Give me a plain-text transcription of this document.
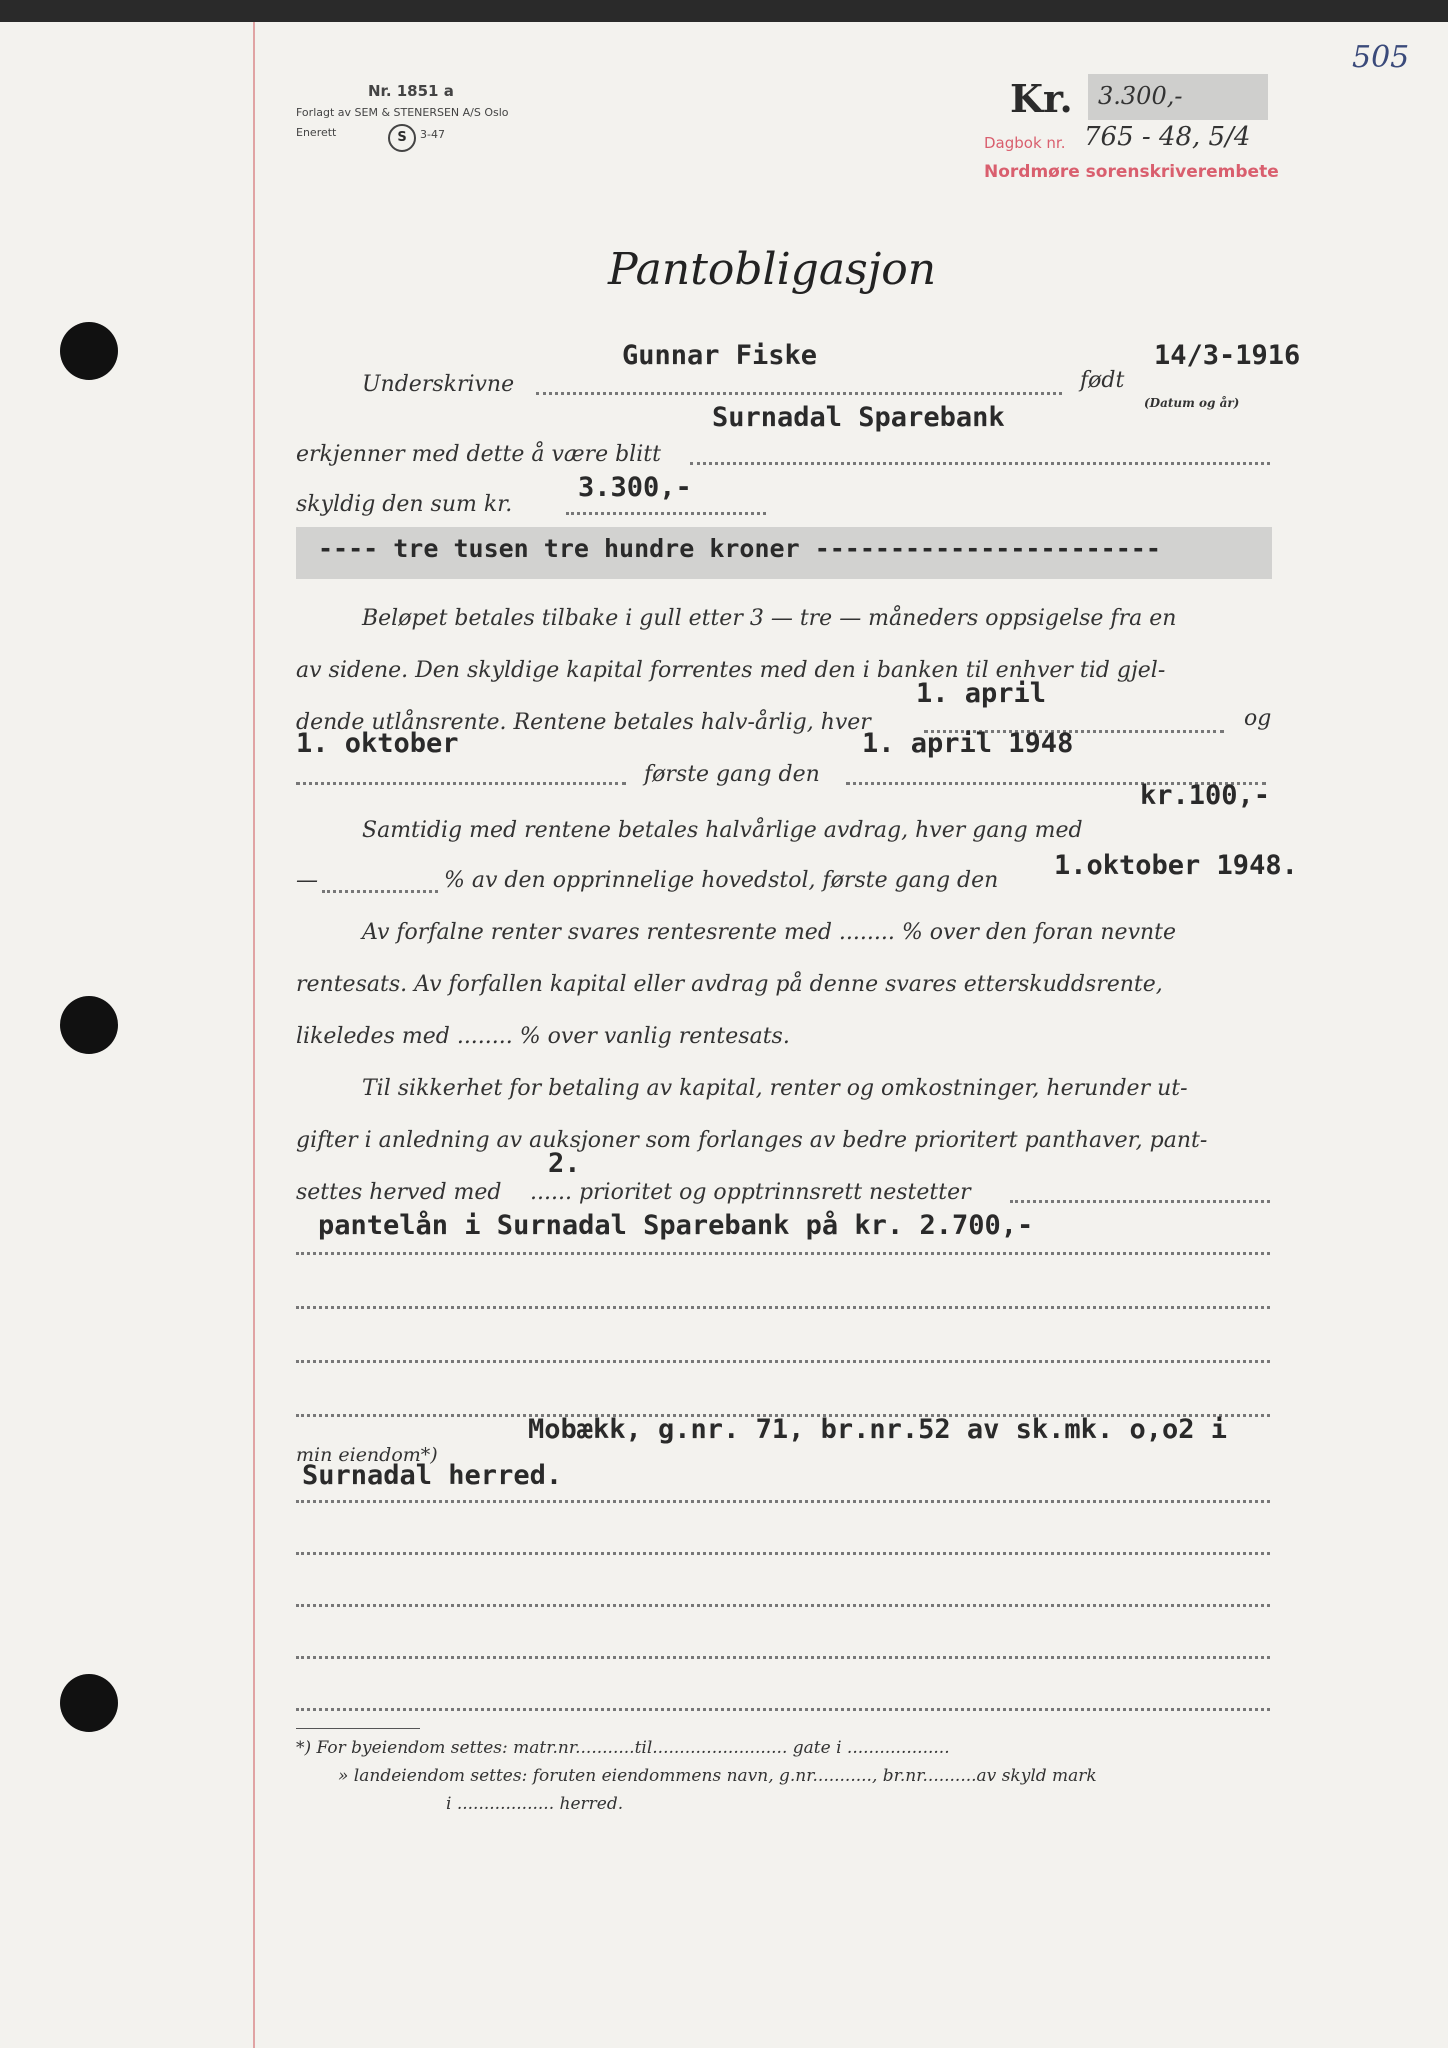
Nr. 1851 a
Forlagt av SEM & STENERSEN A/S Oslo
Enerett	S	3-47
505
Kr. 3.300,-
Dagbok nr. 765 - 48, 5/4
Nordmøre sorenskriverembete
Pantobligasjon
Gunnar Fiske	14/3-1916
Underskrivne	født
(Datum og år)
Surnadal Sparebank
erkjenner med dette å være blitt
3.300,-
skyldig den sum kr.
---- tre tusen tre hundre kroner -----------------------
Beløpet betales tilbake i gull etter 3 — tre — måneders oppsigelse fra en
av sidene. Den skyldige kapital forrentes med den i banken til enhver tid gjel-
1. april
dende utlånsrente. Rentene betales halv-årlig, hver	og
1. oktober	1. april 1948
første gang den
kr.100,-
Samtidig med rentene betales halvårlige avdrag, hver gang med
—	% av den opprinnelige hovedstol, første gang den 1.oktober 1948.
Av forfalne renter svares rentesrente med ........ % over den foran nevnte
rentesats. Av forfallen kapital eller avdrag på denne svares etterskuddsrente,
likeledes med ........ % over vanlig rentesats.
Til sikkerhet for betaling av kapital, renter og omkostninger, herunder ut-
gifter i anledning av auksjoner som forlanges av bedre prioritert panthaver, pant-
2.
settes herved med ...... prioritet og opptrinnsrett nestetter
pantelån i Surnadal Sparebank på kr. 2.700,-
Mobækk, g.nr. 71, br.nr.52 av sk.mk. o,o2 i
min eiendom*)
Surnadal herred.
*) For byeiendom settes: matr.nr...........til......................... gate i ...................
» landeiendom settes: foruten eiendommens navn, g.nr..........., br.nr..........av skyld mark
i .................. herred.
